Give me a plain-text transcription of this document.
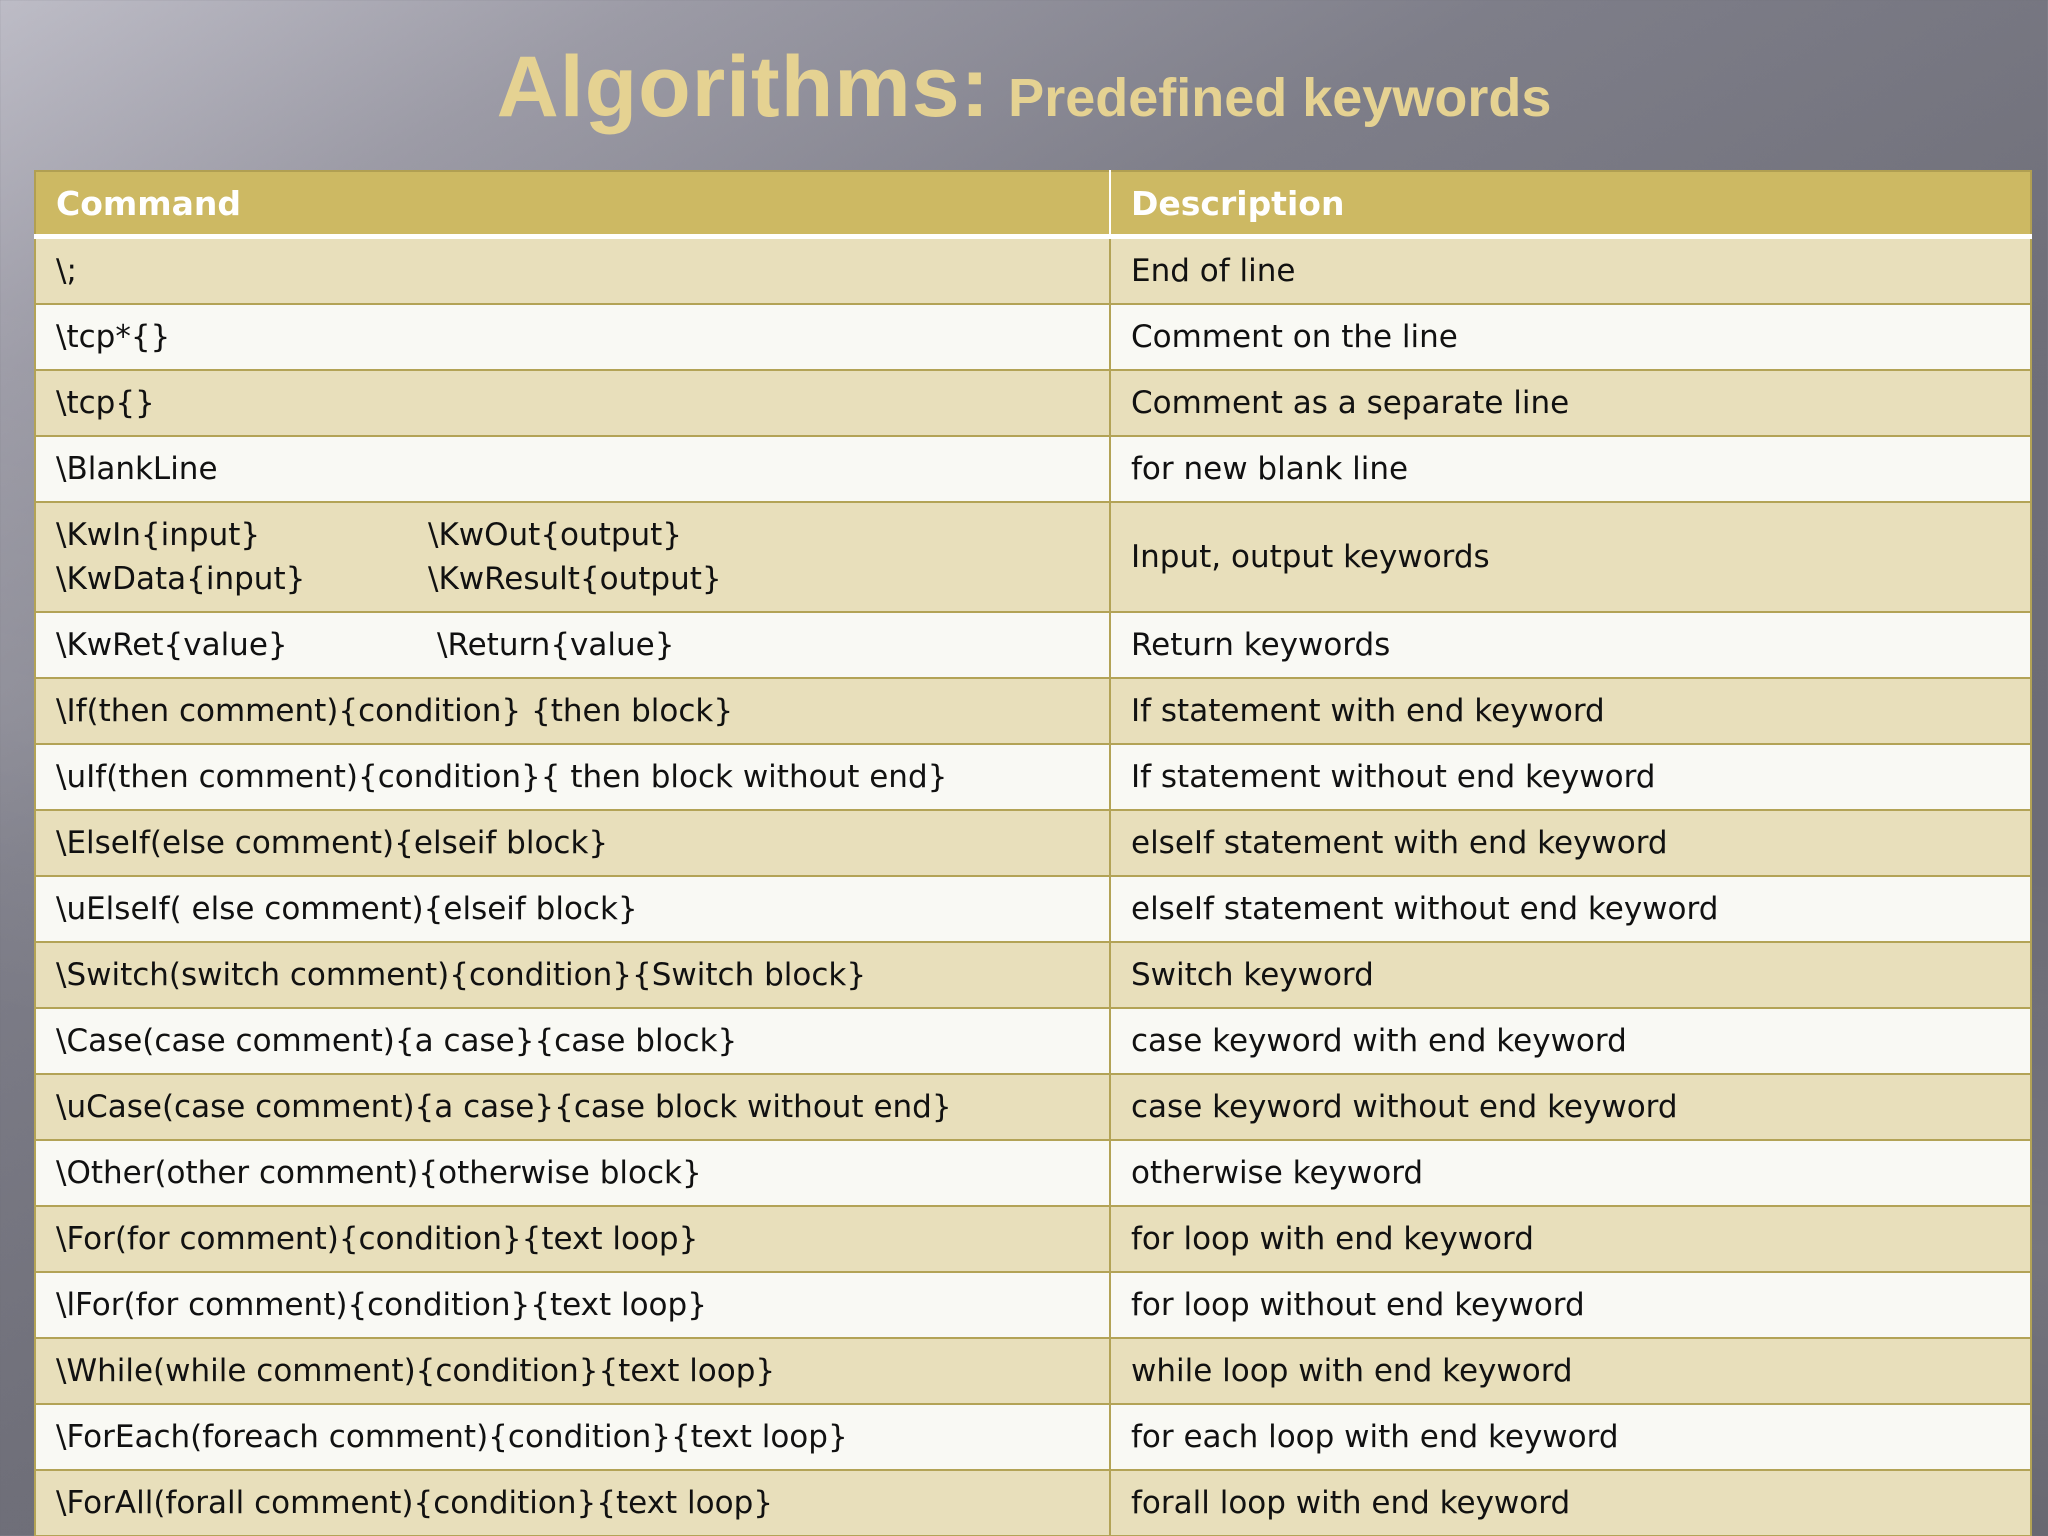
Algorithms: Predefined keywords
Command	Description
\;	End of line
\tcp*{}	Comment on the line
\tcp{}	Comment as a separate line
\BlankLine	for new blank line

\KwIn{input} \KwOut{output}
\KwData{input} \KwResult{output}	Input, output keywords
\KwRet{value} \Return{value}	Return keywords
\If(then comment){condition} {then block}	If statement with end keyword
\uIf(then comment){condition}{ then block without end}	If statement without end keyword
\ElseIf(else comment){elseif block}	elseIf statement with end keyword
\uElseIf( else comment){elseif block}	elseIf statement without end keyword
\Switch(switch comment){condition}{Switch block}	Switch keyword
\Case(case comment){a case}{case block}	case keyword with end keyword
\uCase(case comment){a case}{case block without end}	case keyword without end keyword
\Other(other comment){otherwise block}	otherwise keyword
\For(for comment){condition}{text loop}	for loop with end keyword
\lFor(for comment){condition}{text loop}	for loop without end keyword
\While(while comment){condition}{text loop}	while loop with end keyword
\ForEach(foreach comment){condition}{text loop}	for each loop with end keyword
\ForAll(forall comment){condition}{text loop}	forall loop with end keyword
